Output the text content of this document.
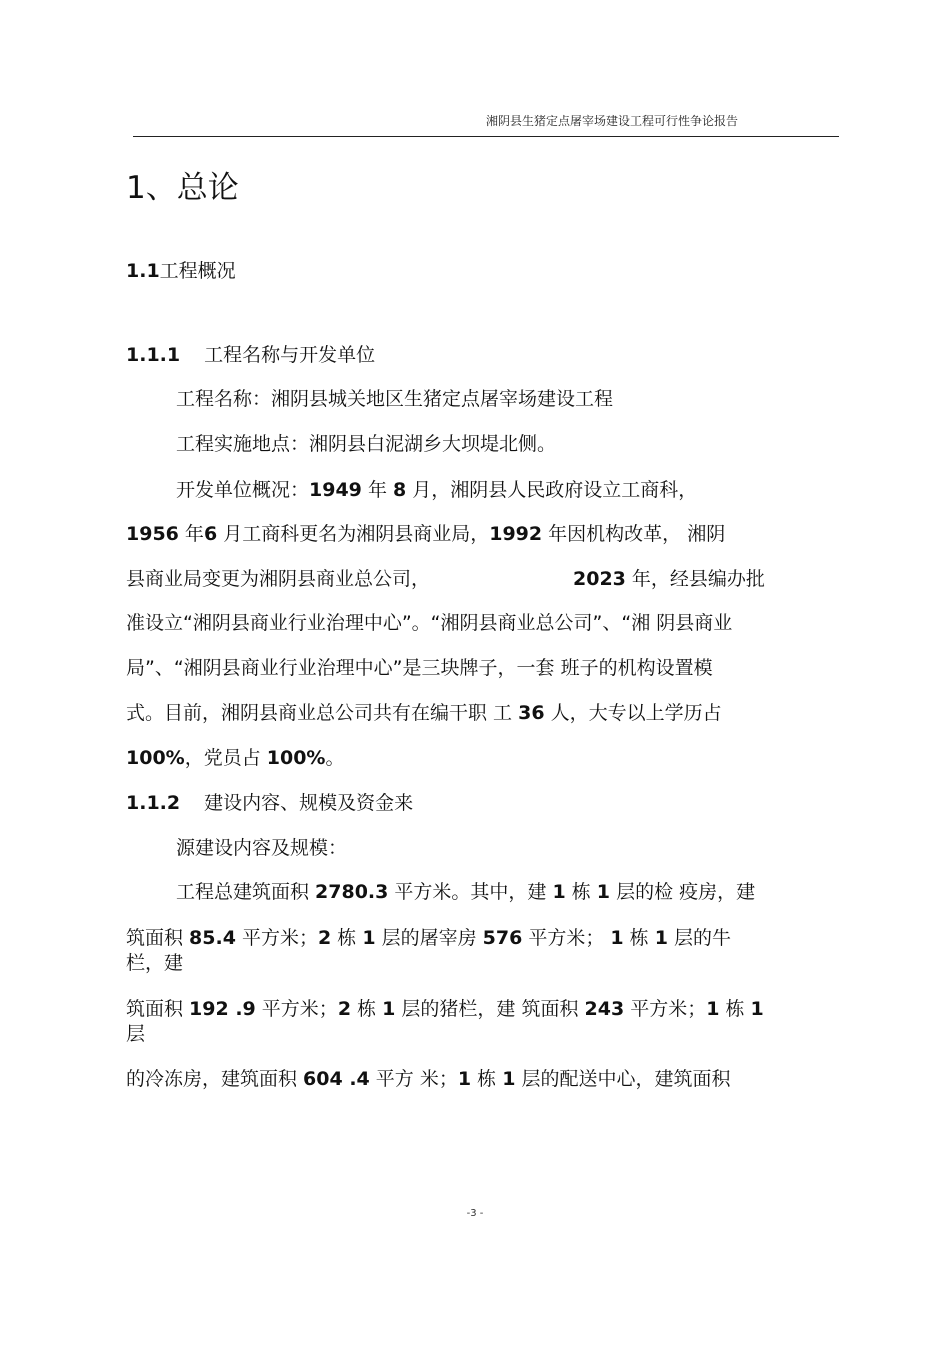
湘阴县生猪定点屠宰场建设工程可行性争论报告
1、总论
1.1工程概况
1.1.1 工程名称与开发单位
工程名称：湘阴县城关地区生猪定点屠宰场建设工程
工程实施地点：湘阴县白泥湖乡大坝堤北侧。
开发单位概况：1949 年 8 月，湘阴县人民政府设立工商科，
1956 年6 月工商科更名为湘阴县商业局，1992 年因机构改革， 湘阴
县商业局变更为湘阴县商业总公司，	2023 年，经县编办批
准设立“湘阴县商业行业治理中心”。“湘阴县商业总公司”、“湘 阴县商业
局”、“湘阴县商业行业治理中心”是三块牌子，一套 班子的机构设置模
式。目前，湘阴县商业总公司共有在编干职 工 36 人，大专以上学历占
100%，党员占 100%。
1.1.2 建设内容、规模及资金来
源建设内容及规模：
工程总建筑面积 2780.3 平方米。其中，建 1 栋 1 层的检 疫房，建
筑面积 85.4 平方米；2 栋 1 层的屠宰房 576 平方米； 1 栋 1 层的牛
栏，建
筑面积 192 .9 平方米；2 栋 1 层的猪栏，建 筑面积 243 平方米；1 栋 1
层
的冷冻房，建筑面积 604 .4 平方 米；1 栋 1 层的配送中心，建筑面积
-3 -
